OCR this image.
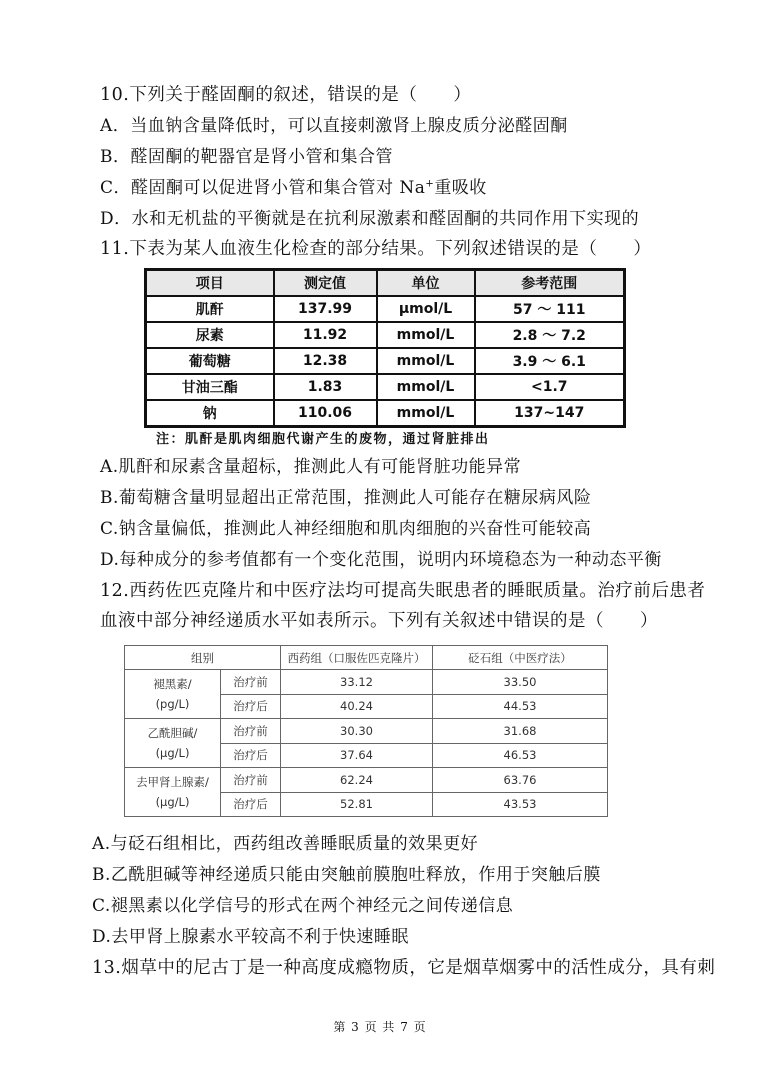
10.下列关于醛固酮的叙述，错误的是（　　）
A．当血钠含量降低时，可以直接刺激肾上腺皮质分泌醛固酮
B．醛固酮的靶器官是肾小管和集合管
C．醛固酮可以促进肾小管和集合管对 Na+重吸收
D．水和无机盐的平衡就是在抗利尿激素和醛固酮的共同作用下实现的
11.下表为某人血液生化检查的部分结果。下列叙述错误的是（　　）
项目	测定值	单位	参考范围
肌酐	137.99	μmol/L	57 ～ 111
尿素	11.92	mmol/L	2.8 ～ 7.2
葡萄糖	12.38	mmol/L	3.9 ～ 6.1
甘油三酯	1.83	mmol/L	<1.7
钠	110.06	mmol/L	137~147
注：肌酐是肌肉细胞代谢产生的废物，通过肾脏排出
A.肌酐和尿素含量超标，推测此人有可能肾脏功能异常
B.葡萄糖含量明显超出正常范围，推测此人可能存在糖尿病风险
C.钠含量偏低，推测此人神经细胞和肌肉细胞的兴奋性可能较高
D.每种成分的参考值都有一个变化范围，说明内环境稳态为一种动态平衡
12.西药佐匹克隆片和中医疗法均可提高失眠患者的睡眠质量。治疗前后患者
血液中部分神经递质水平如表所示。下列有关叙述中错误的是（　　）
组别		西药组（口服佐匹克隆片）	砭石组（中医疗法）
褪黑素/
(pg/L)	治疗前	33.12	33.50
	治疗后	40.24	44.53
乙酰胆碱/
(μg/L)	治疗前	30.30	31.68
	治疗后	37.64	46.53
去甲肾上腺素/
(μg/L)	治疗前	62.24	63.76
	治疗后	52.81	43.53
A.与砭石组相比，西药组改善睡眠质量的效果更好
B.乙酰胆碱等神经递质只能由突触前膜胞吐释放，作用于突触后膜
C.褪黑素以化学信号的形式在两个神经元之间传递信息
D.去甲肾上腺素水平较高不利于快速睡眠
13.烟草中的尼古丁是一种高度成瘾物质，它是烟草烟雾中的活性成分，具有刺
第 3 页 共 7 页
